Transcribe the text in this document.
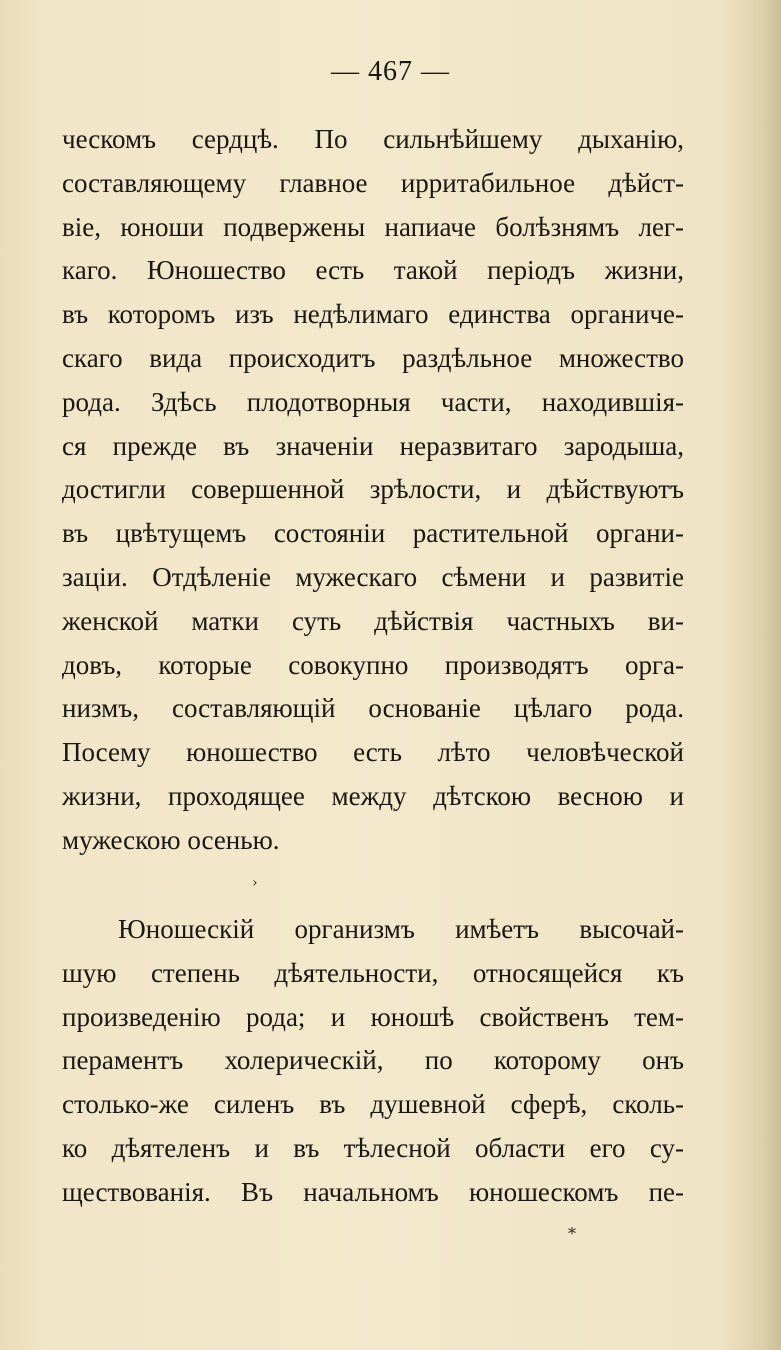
— 467 —
ческомъ сердцѣ. По сильнѣйшему дыханію,
составляющему главное ирритабильное дѣйст-
віе, юноши подвержены напиаче болѣзнямъ лег-
каго. Юношество есть такой періодъ жизни,
въ которомъ изъ недѣлимаго единства органиче-
скаго вида происходитъ раздѣльное множество
рода. Здѣсь плодотворныя части, находившія-
ся прежде въ значеніи неразвитаго зародыша,
достигли совершенной зрѣлости, и дѣйствуютъ
въ цвѣтущемъ состояніи растительной органи-
заціи. Отдѣленіе мужескаго сѣмени и развитіе
женской матки суть дѣйствія частныхъ ви-
довъ, которые совокупно производятъ орга-
низмъ, составляющій основаніе цѣлаго рода.
Посему юношество есть лѣто человѣческой
жизни, проходящее между дѣтскою весною и
мужескою осенью.
›
Юношескій организмъ имѣетъ высочай-
шую степень дѣятельности, относящейся къ
произведенію рода; и юношѣ свойственъ тем-
пераментъ холерическій, по которому онъ
столько-же силенъ въ душевной сферѣ, сколь-
ко дѣятеленъ и въ тѣлесной области его су-
ществованія. Въ начальномъ юношескомъ пе-
*
